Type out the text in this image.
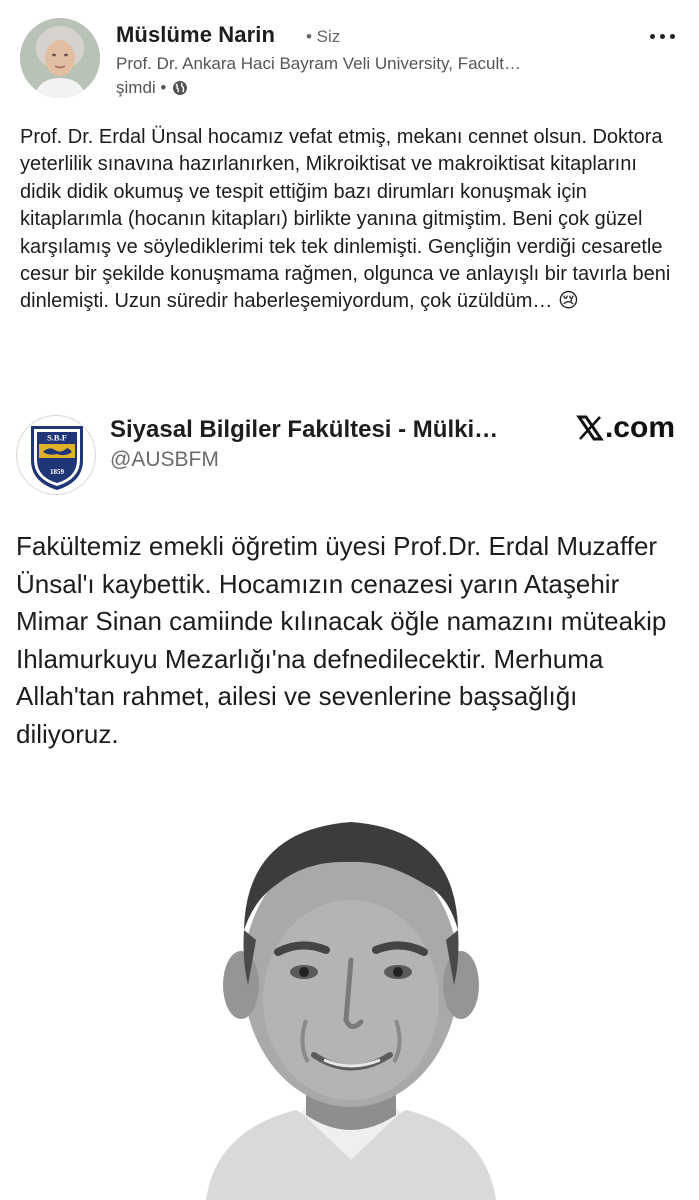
Müslüme Narin • Siz
Prof. Dr. Ankara Haci Bayram Veli University, Facult…
şimdi •
Prof. Dr. Erdal Ünsal hocamız vefat etmiş, mekanı cennet olsun. Doktora yeterlilik sınavına hazırlanırken, Mikroiktisat ve makroiktisat kitaplarını didik didik okumuş ve tespit ettiğim bazı dirumları konuşmak için kitaplarımla (hocanın kitapları) birlikte yanına gitmiştim. Beni çok güzel karşılamış ve söylediklerimi tek tek dinlemişti. Gençliğin verdiği cesaretle cesur bir şekilde konuşmama rağmen, olgunca ve anlayışlı bir tavırla beni dinlemişti. Uzun süredir haberleşemiyordum, çok üzüldüm… 😢
S.B.F
1859
Siyasal Bilgiler Fakültesi - Mülki…
@AUSBFM
.com
Fakültemiz emekli öğretim üyesi Prof.Dr. Erdal Muzaffer Ünsal'ı kaybettik. Hocamızın cenazesi yarın Ataşehir Mimar Sinan camiinde kılınacak öğle namazını müteakip Ihlamurkuyu Mezarlığı'na defnedilecektir. Merhuma Allah'tan rahmet, ailesi ve sevenlerine başsağlığı diliyoruz.
